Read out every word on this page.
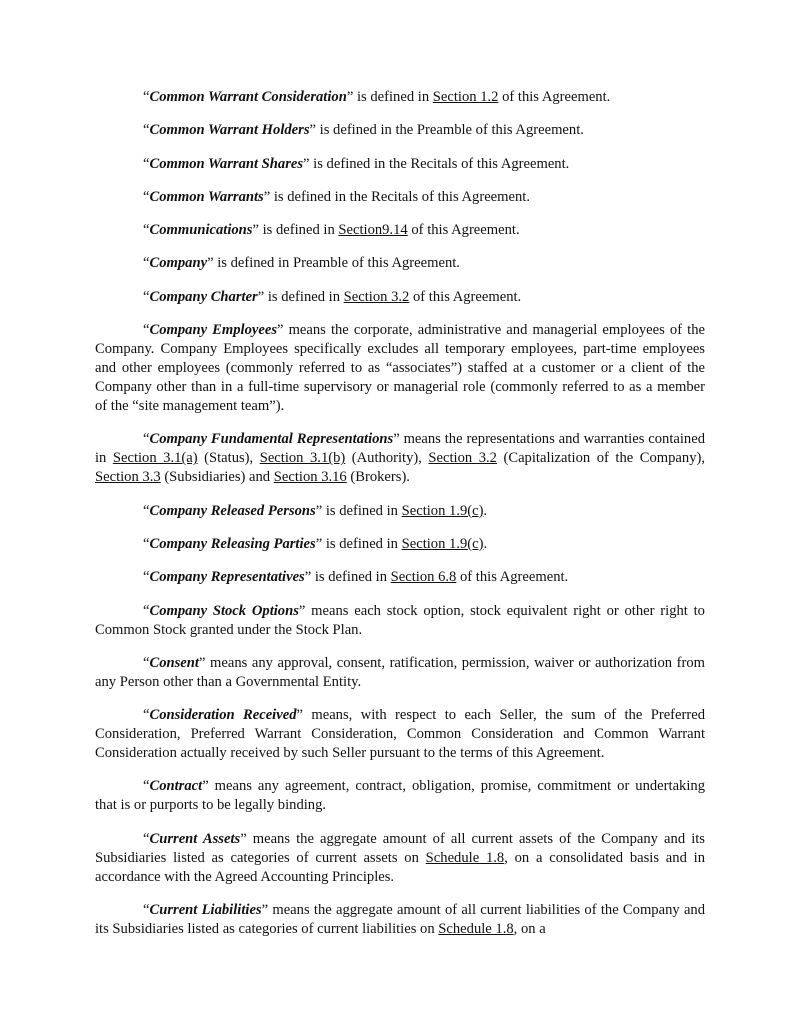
“Common Warrant Consideration” is defined in Section 1.2 of this Agreement.

“Common Warrant Holders” is defined in the Preamble of this Agreement.

“Common Warrant Shares” is defined in the Recitals of this Agreement.

“Common Warrants” is defined in the Recitals of this Agreement.

“Communications” is defined in Section9.14 of this Agreement.

“Company” is defined in Preamble of this Agreement.

“Company Charter” is defined in Section 3.2 of this Agreement.

“Company Employees” means the corporate, administrative and managerial employees of the Company. Company Employees specifically excludes all temporary employees, part-time employees and other employees (commonly referred to as “associates”) staffed at a customer or a client of the Company other than in a full-time supervisory or managerial role (commonly referred to as a member of the “site management team”).

“Company Fundamental Representations” means the representations and warranties contained in Section 3.1(a) (Status), Section 3.1(b) (Authority), Section 3.2 (Capitalization of the Company), Section 3.3 (Subsidiaries) and Section 3.16 (Brokers).

“Company Released Persons” is defined in Section 1.9(c).

“Company Releasing Parties” is defined in Section 1.9(c).

“Company Representatives” is defined in Section 6.8 of this Agreement.

“Company Stock Options” means each stock option, stock equivalent right or other right to Common Stock granted under the Stock Plan.

“Consent” means any approval, consent, ratification, permission, waiver or authorization from any Person other than a Governmental Entity.

“Consideration Received” means, with respect to each Seller, the sum of the Preferred Consideration, Preferred Warrant Consideration, Common Consideration and Common Warrant Consideration actually received by such Seller pursuant to the terms of this Agreement.

“Contract” means any agreement, contract, obligation, promise, commitment or undertaking that is or purports to be legally binding.

“Current Assets” means the aggregate amount of all current assets of the Company and its Subsidiaries listed as categories of current assets on Schedule 1.8, on a consolidated basis and in accordance with the Agreed Accounting Principles.

“Current Liabilities” means the aggregate amount of all current liabilities of the Company and its Subsidiaries listed as categories of current liabilities on Schedule 1.8, on a
